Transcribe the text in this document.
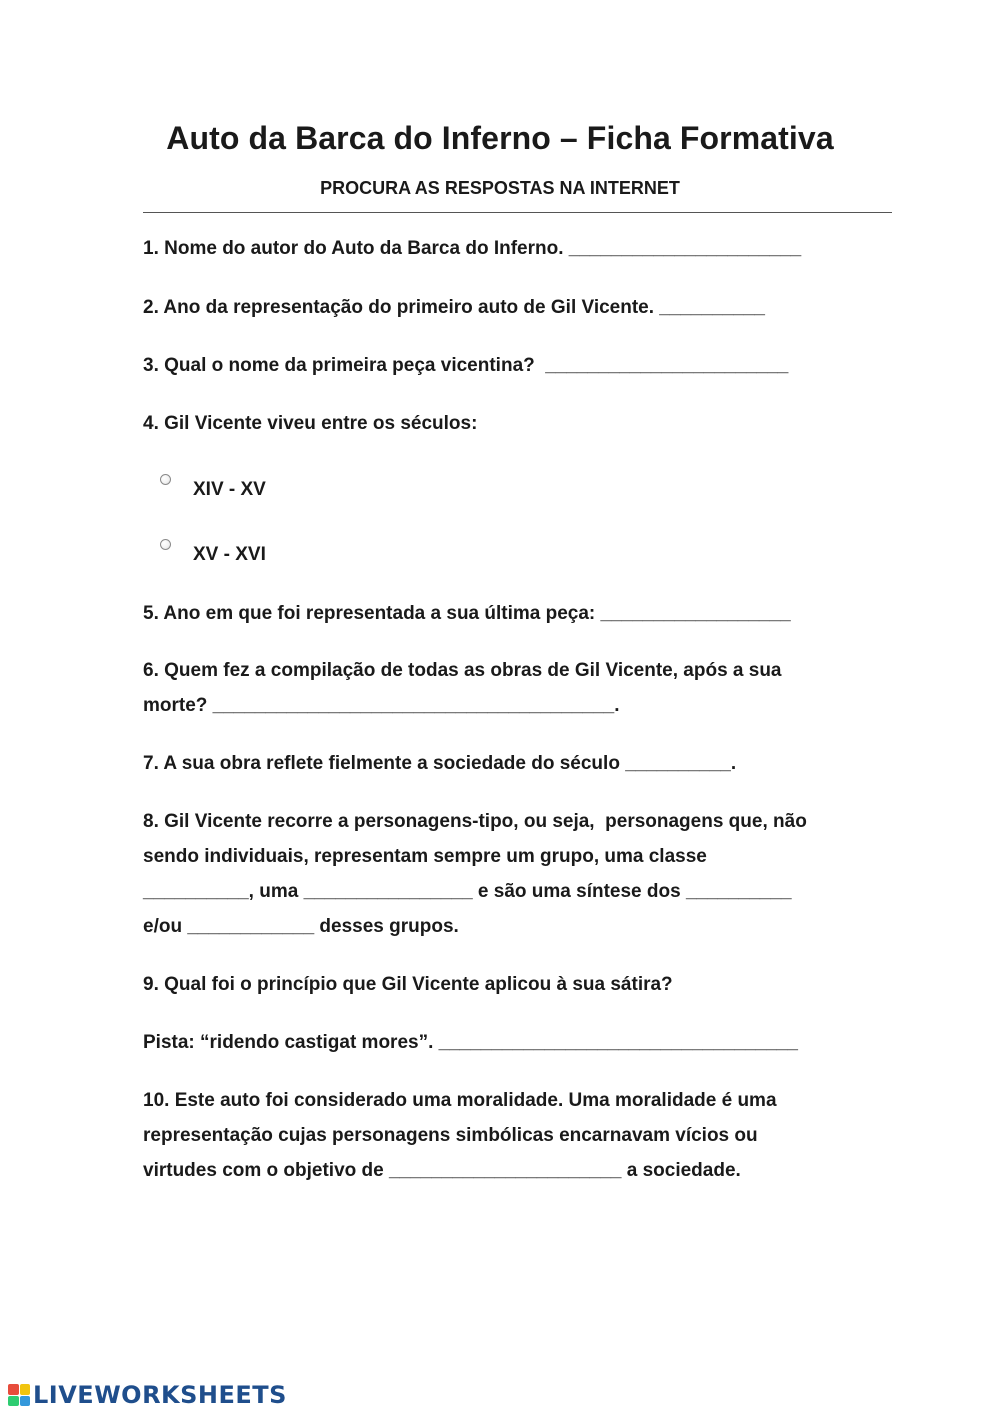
Auto da Barca do Inferno – Ficha Formativa
PROCURA AS RESPOSTAS NA INTERNET
1. Nome do autor do Auto da Barca do Inferno. ______________________
2. Ano da representação do primeiro auto de Gil Vicente. __________
3. Qual o nome da primeira peça vicentina?  _______________________
4. Gil Vicente viveu entre os séculos:
XIV - XV
XV - XVI
5. Ano em que foi representada a sua última peça: __________________
6. Quem fez a compilação de todas as obras de Gil Vicente, após a sua
morte? ______________________________________.
7. A sua obra reflete fielmente a sociedade do século __________.
8. Gil Vicente recorre a personagens-tipo, ou seja,  personagens que, não
sendo individuais, representam sempre um grupo, uma classe
__________, uma ________________ e são uma síntese dos __________
e/ou ____________ desses grupos.
9. Qual foi o princípio que Gil Vicente aplicou à sua sátira?
Pista: “ridendo castigat mores”. __________________________________
10. Este auto foi considerado uma moralidade. Uma moralidade é uma
representação cujas personagens simbólicas encarnavam vícios ou
virtudes com o objetivo de ______________________ a sociedade.
LIVEWORKSHEETS
